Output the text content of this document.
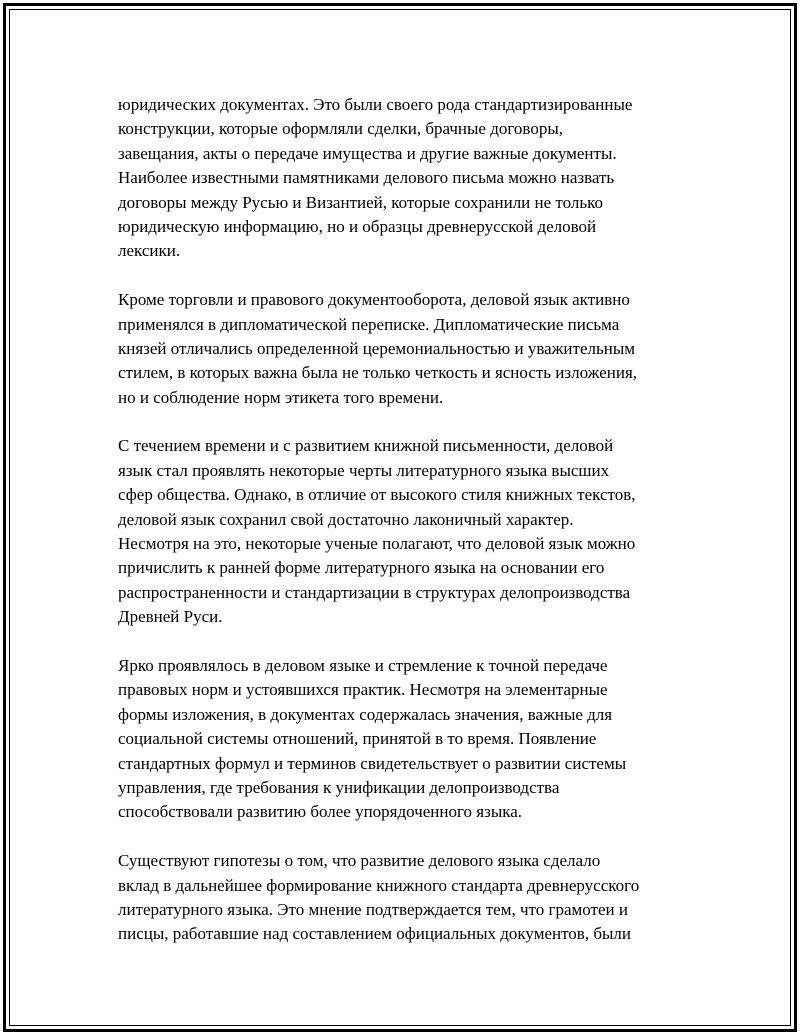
юридических документах. Это были своего рода стандартизированные
конструкции, которые оформляли сделки, брачные договоры,
завещания, акты о передаче имущества и другие важные документы.
Наиболее известными памятниками делового письма можно назвать
договоры между Русью и Византией, которые сохранили не только
юридическую информацию, но и образцы древнерусской деловой
лексики.

Кроме торговли и правового документооборота, деловой язык активно
применялся в дипломатической переписке. Дипломатические письма
князей отличались определенной церемониальностью и уважительным
стилем, в которых важна была не только четкость и ясность изложения,
но и соблюдение норм этикета того времени.

С течением времени и с развитием книжной письменности, деловой
язык стал проявлять некоторые черты литературного языка высших
сфер общества. Однако, в отличие от высокого стиля книжных текстов,
деловой язык сохранил свой достаточно лаконичный характер.
Несмотря на это, некоторые ученые полагают, что деловой язык можно
причислить к ранней форме литературного языка на основании его
распространенности и стандартизации в структурах делопроизводства
Древней Руси.

Ярко проявлялось в деловом языке и стремление к точной передаче
правовых норм и устоявшихся практик. Несмотря на элементарные
формы изложения, в документах содержалась значения, важные для
социальной системы отношений, принятой в то время. Появление
стандартных формул и терминов свидетельствует о развитии системы
управления, где требования к унификации делопроизводства
способствовали развитию более упорядоченного языка.

Существуют гипотезы о том, что развитие делового языка сделало
вклад в дальнейшее формирование книжного стандарта древнерусского
литературного языка. Это мнение подтверждается тем, что грамотеи и
писцы, работавшие над составлением официальных документов, были
